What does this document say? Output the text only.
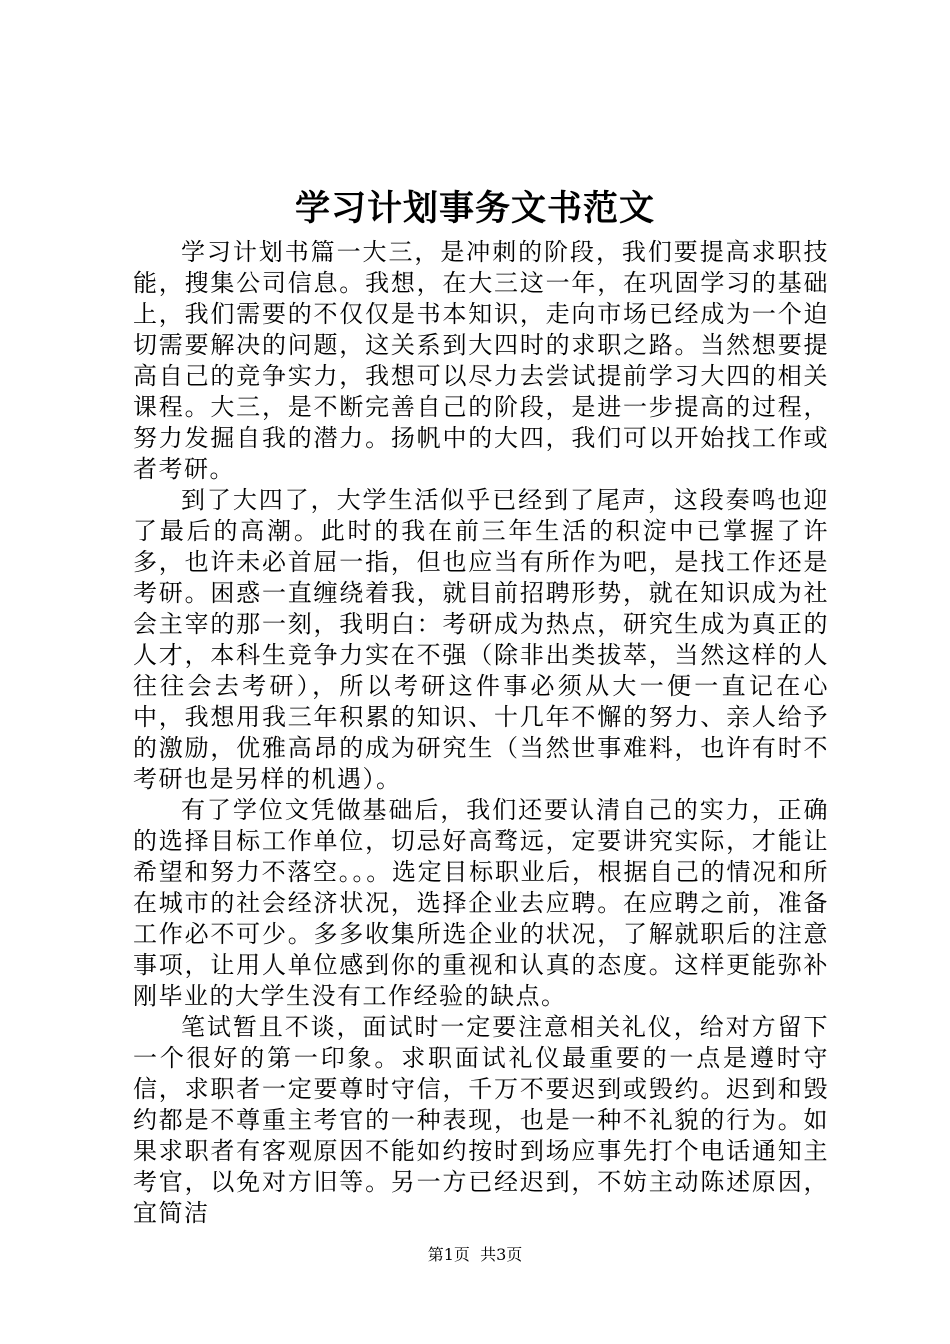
学习计划事务文书范文

学习计划书篇一大三，是冲刺的阶段，我们要提高求职技能，搜集公司信息。我想，在大三这一年，在巩固学习的基础上，我们需要的不仅仅是书本知识，走向市场已经成为一个迫切需要解决的问题，这关系到大四时的求职之路。当然想要提高自己的竞争实力，我想可以尽力去尝试提前学习大四的相关课程。大三，是不断完善自己的阶段，是进一步提高的过程，努力发掘自我的潜力。扬帆中的大四，我们可以开始找工作或者考研。

到了大四了，大学生活似乎已经到了尾声，这段奏鸣也迎了最后的高潮。此时的我在前三年生活的积淀中已掌握了许多，也许未必首屈一指，但也应当有所作为吧，是找工作还是考研。困惑一直缠绕着我，就目前招聘形势，就在知识成为社会主宰的那一刻，我明白：考研成为热点，研究生成为真正的人才，本科生竞争力实在不强（除非出类拔萃，当然这样的人往往会去考研），所以考研这件事必须从大一便一直记在心中，我想用我三年积累的知识、十几年不懈的努力、亲人给予的激励，优雅高昂的成为研究生（当然世事难料，也许有时不考研也是另样的机遇）。

有了学位文凭做基础后，我们还要认清自己的实力，正确的选择目标工作单位，切忌好高骛远，定要讲究实际，才能让希望和努力不落空。。。选定目标职业后，根据自己的情况和所在城市的社会经济状况，选择企业去应聘。在应聘之前，准备工作必不可少。多多收集所选企业的状况，了解就职后的注意事项，让用人单位感到你的重视和认真的态度。这样更能弥补刚毕业的大学生没有工作经验的缺点。

笔试暂且不谈，面试时一定要注意相关礼仪，给对方留下一个很好的第一印象。求职面试礼仪最重要的一点是遵时守信，求职者一定要尊时守信，千万不要迟到或毁约。迟到和毁约都是不尊重主考官的一种表现，也是一种不礼貌的行为。如果求职者有客观原因不能如约按时到场应事先打个电话通知主考官，以免对方旧等。另一方已经迟到，不妨主动陈述原因，宜简洁

第1页  共3页
